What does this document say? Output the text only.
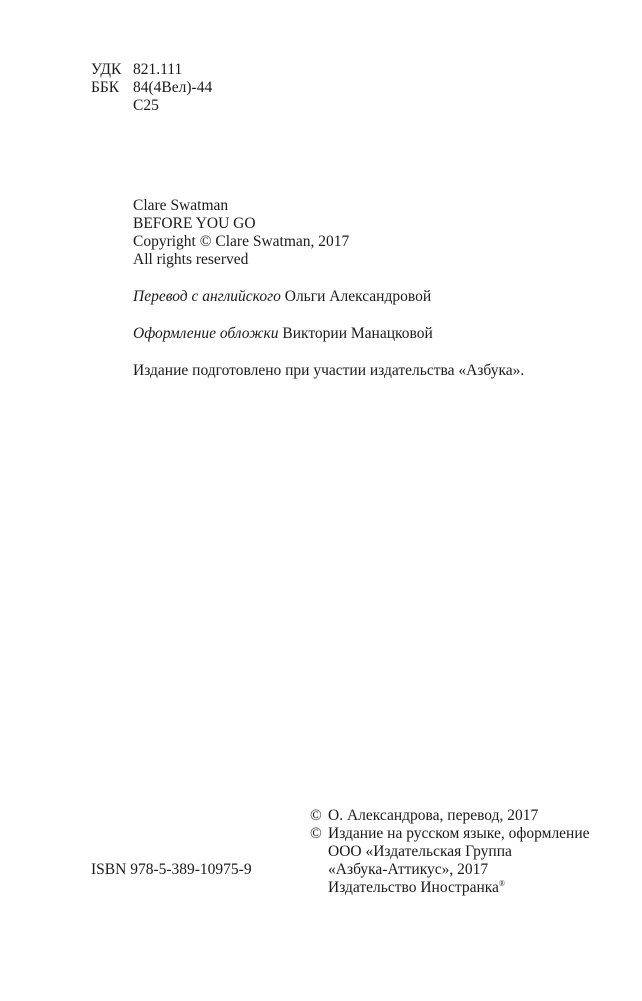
УДК 821.111
ББК 84(4Вел)-44
С25
Clare Swatman
BEFORE YOU GO
Copyright © Clare Swatman, 2017
All rights reserved
Перевод с английского Ольги Александровой
Оформление обложки Виктории Манацковой
Издание подготовлено при участии издательства «Азбука».
ISBN 978-5-389-10975-9
© О. Александрова, перевод, 2017
© Издание на русском языке, оформление
ООО «Издательская Группа
«Азбука-Аттикус», 2017
Издательство Иностранка®
